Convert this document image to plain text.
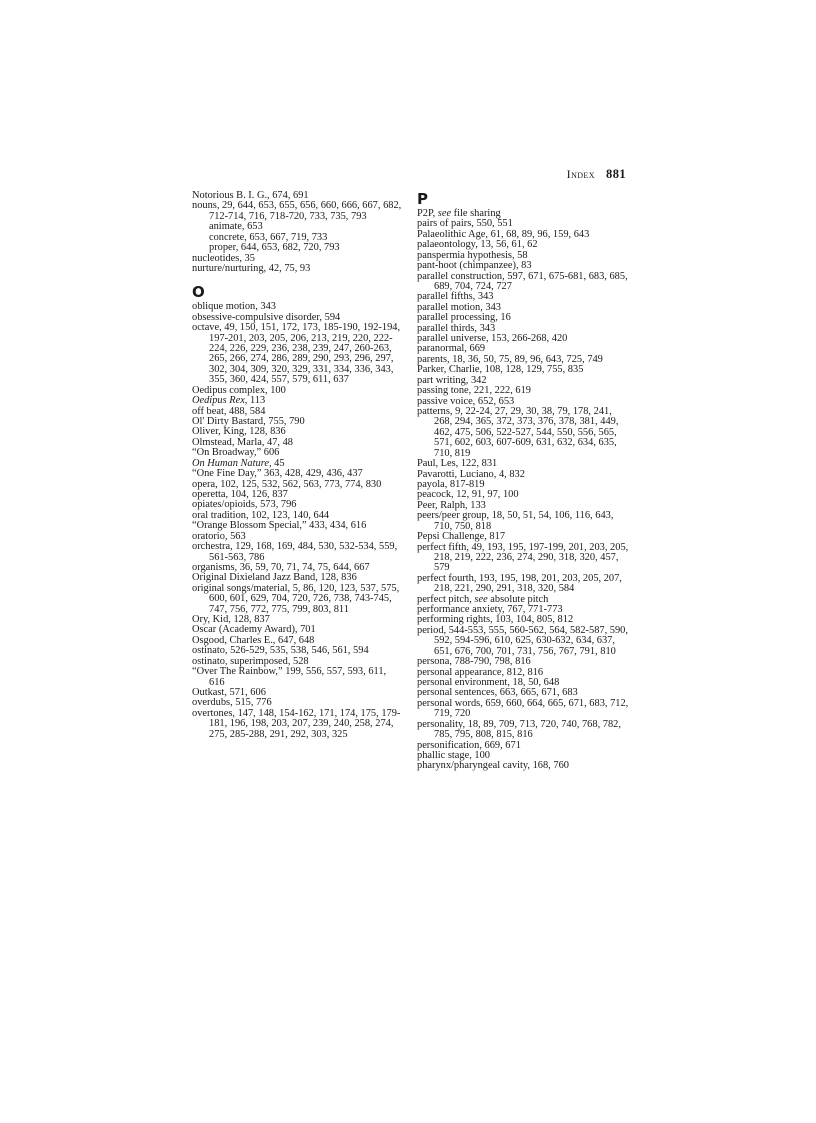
Index 881
Notorious B. I. G., 674, 691
nouns, 29, 644, 653, 655, 656, 660, 666, 667, 682, 712-714, 716, 718-720, 733, 735, 793
animate, 653
concrete, 653, 667, 719, 733
proper, 644, 653, 682, 720, 793
nucleotides, 35
nurture/nurturing, 42, 75, 93
O
oblique motion, 343
obsessive-compulsive disorder, 594
octave, 49, 150, 151, 172, 173, 185-190, 192-194, 197-201, 203, 205, 206, 213, 219, 220, 222-224, 226, 229, 236, 238, 239, 247, 260-263, 265, 266, 274, 286, 289, 290, 293, 296, 297, 302, 304, 309, 320, 329, 331, 334, 336, 343, 355, 360, 424, 557, 579, 611, 637
Oedipus complex, 100
Oedipus Rex, 113
off beat, 488, 584
Ol' Dirty Bastard, 755, 790
Oliver, King, 128, 836
Olmstead, Marla, 47, 48
“On Broadway,” 606
On Human Nature, 45
“One Fine Day,” 363, 428, 429, 436, 437
opera, 102, 125, 532, 562, 563, 773, 774, 830
operetta, 104, 126, 837
opiates/opioids, 573, 796
oral tradition, 102, 123, 140, 644
“Orange Blossom Special,” 433, 434, 616
oratorio, 563
orchestra, 129, 168, 169, 484, 530, 532-534, 559, 561-563, 786
organisms, 36, 59, 70, 71, 74, 75, 644, 667
Original Dixieland Jazz Band, 128, 836
original songs/material, 5, 86, 120, 123, 537, 575, 600, 601, 629, 704, 720, 726, 738, 743-745, 747, 756, 772, 775, 799, 803, 811
Ory, Kid, 128, 837
Oscar (Academy Award), 701
Osgood, Charles E., 647, 648
ostinato, 526-529, 535, 538, 546, 561, 594
ostinato, superimposed, 528
“Over The Rainbow,” 199, 556, 557, 593, 611, 616
Outkast, 571, 606
overdubs, 515, 776
overtones, 147, 148, 154-162, 171, 174, 175, 179-181, 196, 198, 203, 207, 239, 240, 258, 274, 275, 285-288, 291, 292, 303, 325
P
P2P, see file sharing
pairs of pairs, 550, 551
Palaeolithic Age, 61, 68, 89, 96, 159, 643
palaeontology, 13, 56, 61, 62
panspermia hypothesis, 58
pant-hoot (chimpanzee), 83
parallel construction, 597, 671, 675-681, 683, 685, 689, 704, 724, 727
parallel fifths, 343
parallel motion, 343
parallel processing, 16
parallel thirds, 343
parallel universe, 153, 266-268, 420
paranormal, 669
parents, 18, 36, 50, 75, 89, 96, 643, 725, 749
Parker, Charlie, 108, 128, 129, 755, 835
part writing, 342
passing tone, 221, 222, 619
passive voice, 652, 653
patterns, 9, 22-24, 27, 29, 30, 38, 79, 178, 241, 268, 294, 365, 372, 373, 376, 378, 381, 449, 462, 475, 506, 522-527, 544, 550, 556, 565, 571, 602, 603, 607-609, 631, 632, 634, 635, 710, 819
Paul, Les, 122, 831
Pavarotti, Luciano, 4, 832
payola, 817-819
peacock, 12, 91, 97, 100
Peer, Ralph, 133
peers/peer group, 18, 50, 51, 54, 106, 116, 643, 710, 750, 818
Pepsi Challenge, 817
perfect fifth, 49, 193, 195, 197-199, 201, 203, 205, 218, 219, 222, 236, 274, 290, 318, 320, 457, 579
perfect fourth, 193, 195, 198, 201, 203, 205, 207, 218, 221, 290, 291, 318, 320, 584
perfect pitch, see absolute pitch
performance anxiety, 767, 771-773
performing rights, 103, 104, 805, 812
period, 544-553, 555, 560-562, 564, 582-587, 590, 592, 594-596, 610, 625, 630-632, 634, 637, 651, 676, 700, 701, 731, 756, 767, 791, 810
persona, 788-790, 798, 816
personal appearance, 812, 816
personal environment, 18, 50, 648
personal sentences, 663, 665, 671, 683
personal words, 659, 660, 664, 665, 671, 683, 712, 719, 720
personality, 18, 89, 709, 713, 720, 740, 768, 782, 785, 795, 808, 815, 816
personification, 669, 671
phallic stage, 100
pharynx/pharyngeal cavity, 168, 760
